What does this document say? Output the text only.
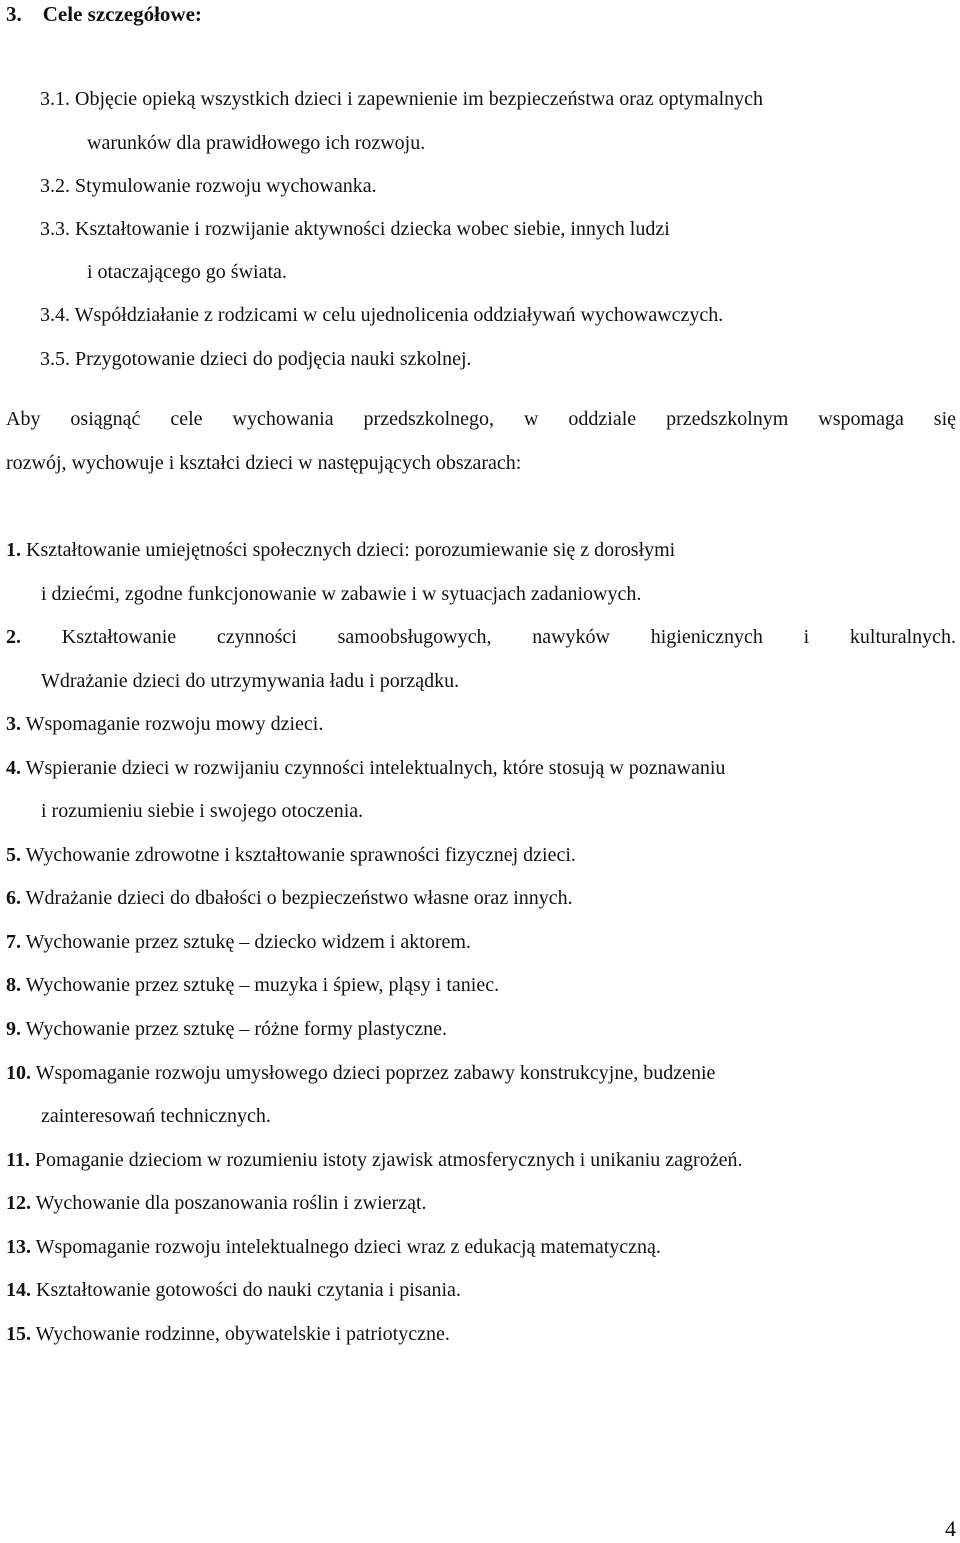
3. Cele szczegółowe:
3.1. Objęcie opieką wszystkich dzieci i zapewnienie im bezpieczeństwa oraz optymalnych
warunków dla prawidłowego ich rozwoju.
3.2. Stymulowanie rozwoju wychowanka.
3.3. Kształtowanie i rozwijanie aktywności dziecka wobec siebie, innych ludzi
i otaczającego go świata.
3.4. Współdziałanie z rodzicami w celu ujednolicenia oddziaływań wychowawczych.
3.5. Przygotowanie dzieci do podjęcia nauki szkolnej.
Aby osiągnąć cele wychowania przedszkolnego, w oddziale przedszkolnym wspomaga się
rozwój, wychowuje i kształci dzieci w następujących obszarach:
1. Kształtowanie umiejętności społecznych dzieci: porozumiewanie się z dorosłymi
i dziećmi, zgodne funkcjonowanie w zabawie i w sytuacjach zadaniowych.
2. Kształtowanie czynności samoobsługowych, nawyków higienicznych i kulturalnych.
Wdrażanie dzieci do utrzymywania ładu i porządku.
3. Wspomaganie rozwoju mowy dzieci.
4. Wspieranie dzieci w rozwijaniu czynności intelektualnych, które stosują w poznawaniu
i rozumieniu siebie i swojego otoczenia.
5. Wychowanie zdrowotne i kształtowanie sprawności fizycznej dzieci.
6. Wdrażanie dzieci do dbałości o bezpieczeństwo własne oraz innych.
7. Wychowanie przez sztukę – dziecko widzem i aktorem.
8. Wychowanie przez sztukę – muzyka i śpiew, pląsy i taniec.
9. Wychowanie przez sztukę – różne formy plastyczne.
10. Wspomaganie rozwoju umysłowego dzieci poprzez zabawy konstrukcyjne, budzenie
zainteresowań technicznych.
11. Pomaganie dzieciom w rozumieniu istoty zjawisk atmosferycznych i unikaniu zagrożeń.
12. Wychowanie dla poszanowania roślin i zwierząt.
13. Wspomaganie rozwoju intelektualnego dzieci wraz z edukacją matematyczną.
14. Kształtowanie gotowości do nauki czytania i pisania.
15. Wychowanie rodzinne, obywatelskie i patriotyczne.
4
